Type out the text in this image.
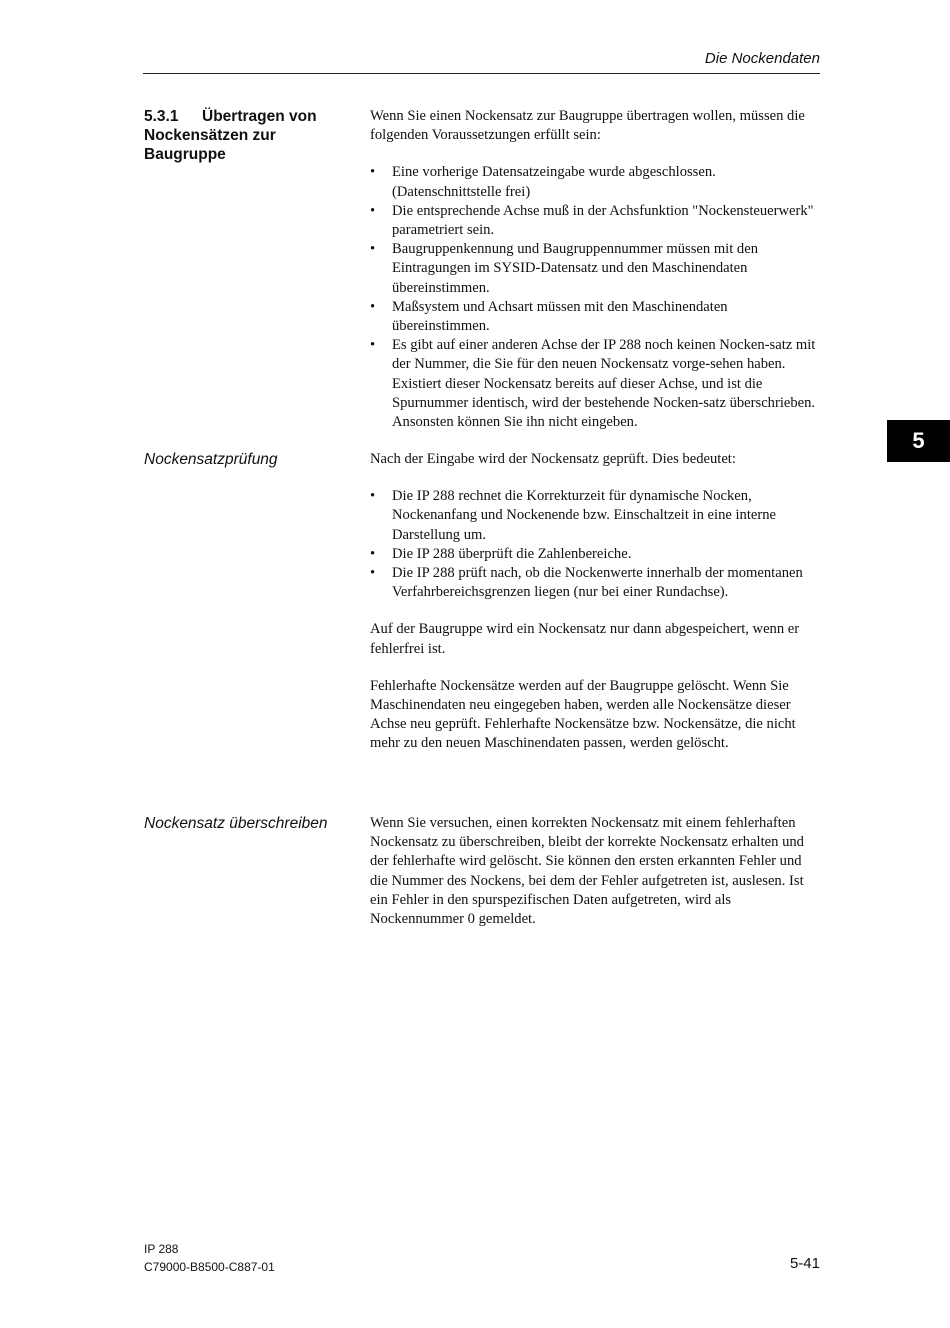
Die Nockendaten
5.3.1 Übertragen von Nockensätzen zur Baugruppe

Wenn Sie einen Nockensatz zur Baugruppe übertragen wollen, müssen die folgenden Voraussetzungen erfüllt sein:

• Eine vorherige Datensatzeingabe wurde abgeschlossen. (Datenschnittstelle frei)
• Die entsprechende Achse muß in der Achsfunktion "Nockensteuerwerk" parametriert sein.
• Baugruppenkennung und Baugruppennummer müssen mit den Eintragungen im SYSID-Datensatz und den Maschinendaten übereinstimmen.
• Maßsystem und Achsart müssen mit den Maschinendaten übereinstimmen.
• Es gibt auf einer anderen Achse der IP 288 noch keinen Nocken-satz mit der Nummer, die Sie für den neuen Nockensatz vorge-sehen haben. Existiert dieser Nockensatz bereits auf dieser Achse, und ist die Spurnummer identisch, wird der bestehende Nocken-satz überschrieben. Ansonsten können Sie ihn nicht eingeben.
5
Nockensatzprüfung	Nach der Eingabe wird der Nockensatz geprüft. Dies bedeutet:

• Die IP 288 rechnet die Korrekturzeit für dynamische Nocken, Nockenanfang und Nockenende bzw. Einschaltzeit in eine interne Darstellung um.
• Die IP 288 überprüft die Zahlenbereiche.
• Die IP 288 prüft nach, ob die Nockenwerte innerhalb der momentanen Verfahrbereichsgrenzen liegen (nur bei einer Rundachse).

Auf der Baugruppe wird ein Nockensatz nur dann abgespeichert, wenn er fehlerfrei ist.

Fehlerhafte Nockensätze werden auf der Baugruppe gelöscht. Wenn Sie Maschinendaten neu eingegeben haben, werden alle Nockensätze dieser Achse neu geprüft. Fehlerhafte Nockensätze bzw. Nockensätze, die nicht mehr zu den neuen Maschinendaten passen, werden gelöscht.

Nockensatz überschreiben	Wenn Sie versuchen, einen korrekten Nockensatz mit einem fehlerhaften Nockensatz zu überschreiben, bleibt der korrekte Nockensatz erhalten und der fehlerhafte wird gelöscht. Sie können den ersten erkannten Fehler und die Nummer des Nockens, bei dem der Fehler aufgetreten ist, auslesen. Ist ein Fehler in den spurspezifischen Daten aufgetreten, wird als Nockennummer 0 gemeldet.

IP 288
C79000-B8500-C887-01	5-41
